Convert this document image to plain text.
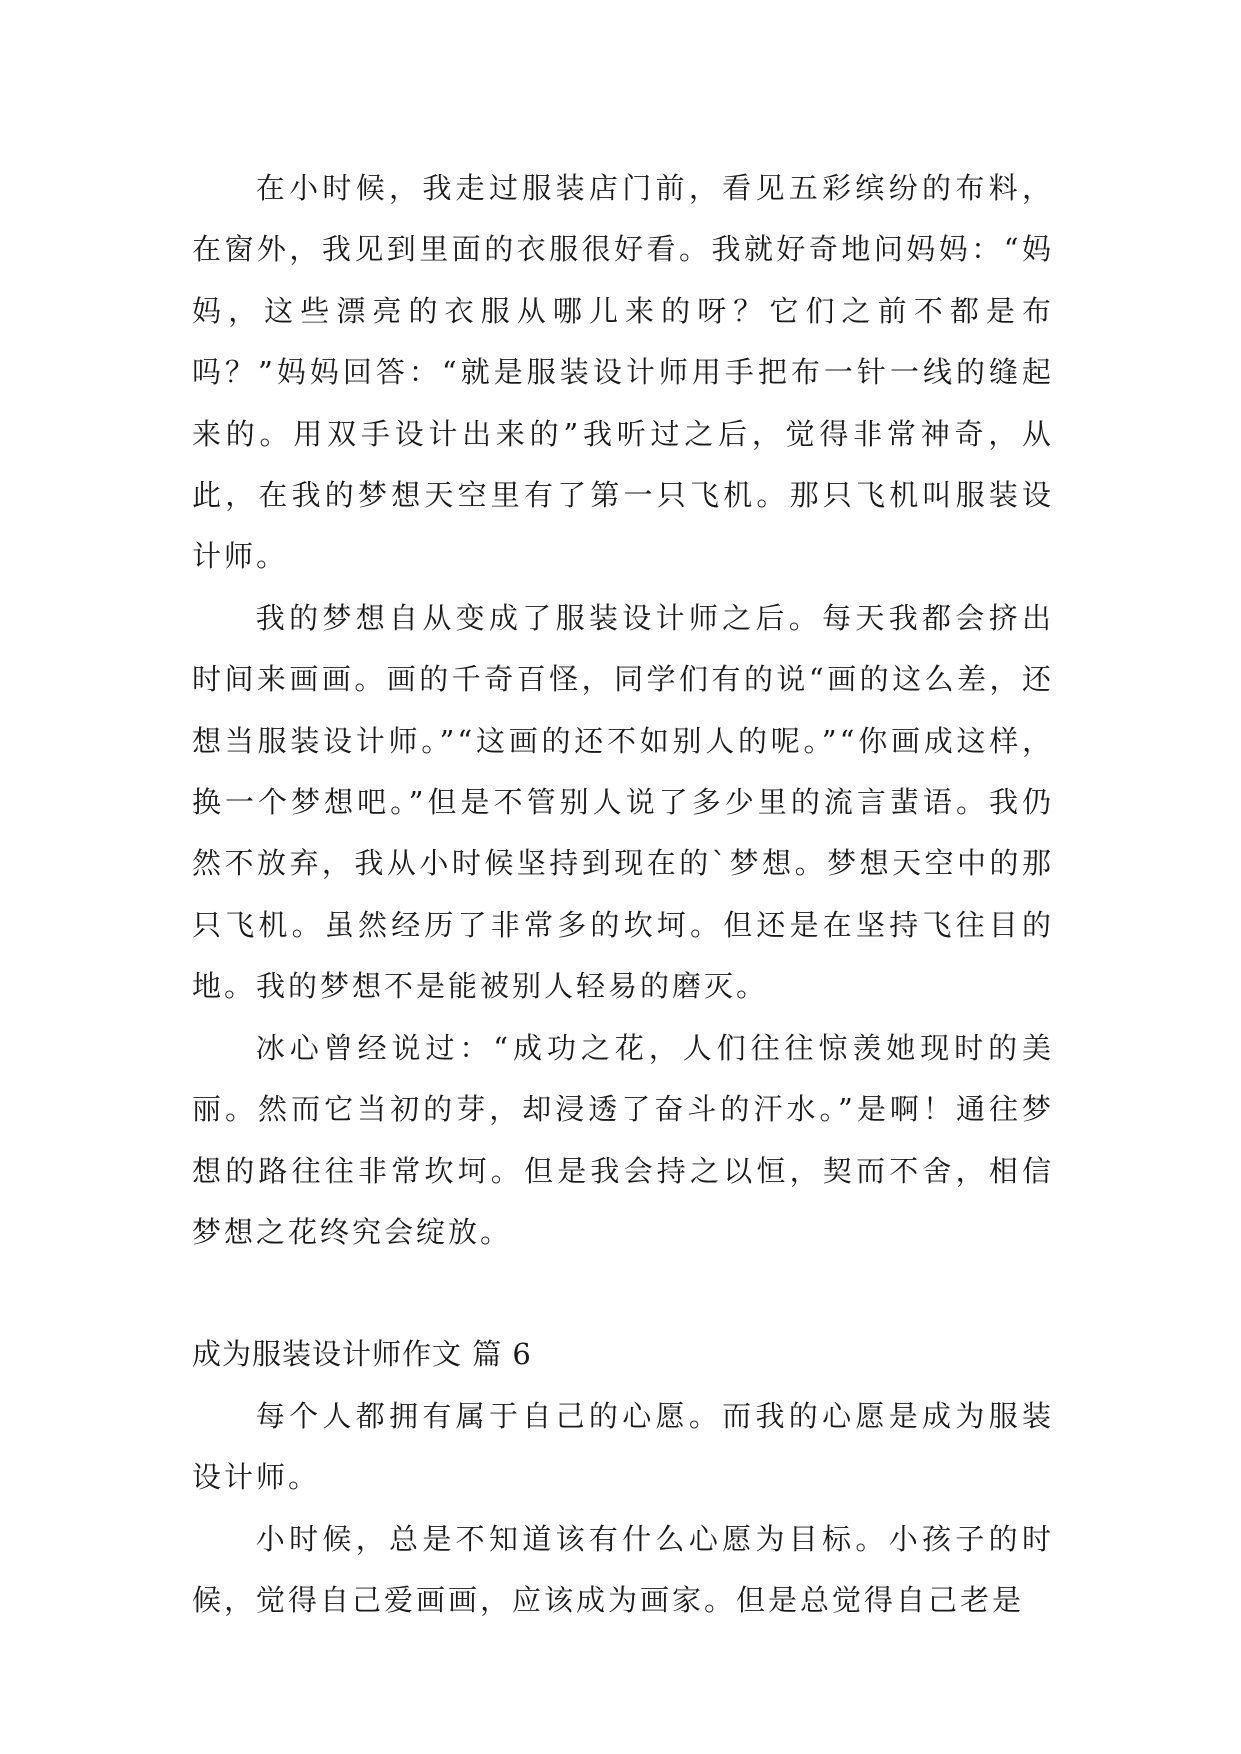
在小时候，我走过服装店门前，看见五彩缤纷的布料，在窗外，我见到里面的衣服很好看。我就好奇地问妈妈：“妈妈，这些漂亮的衣服从哪儿来的呀？它们之前不都是布吗？”妈妈回答：“就是服装设计师用手把布一针一线的缝起来的。用双手设计出来的”我听过之后，觉得非常神奇，从此，在我的梦想天空里有了第一只飞机。那只飞机叫服装设计师。

我的梦想自从变成了服装设计师之后。每天我都会挤出时间来画画。画的千奇百怪，同学们有的说“画的这么差，还想当服装设计师。”“这画的还不如别人的呢。”“你画成这样，换一个梦想吧。”但是不管别人说了多少里的流言蜚语。我仍然不放弃，我从小时候坚持到现在的`梦想。梦想天空中的那只飞机。虽然经历了非常多的坎坷。但还是在坚持飞往目的地。我的梦想不是能被别人轻易的磨灭。

冰心曾经说过：“成功之花，人们往往惊羡她现时的美丽。然而它当初的芽，却浸透了奋斗的汗水。”是啊！通往梦想的路往往非常坎坷。但是我会持之以恒，契而不舍，相信梦想之花终究会绽放。

成为服装设计师作文 篇 6

每个人都拥有属于自己的心愿。而我的心愿是成为服装设计师。

小时候，总是不知道该有什么心愿为目标。小孩子的时候，觉得自己爱画画，应该成为画家。但是总觉得自己老是
